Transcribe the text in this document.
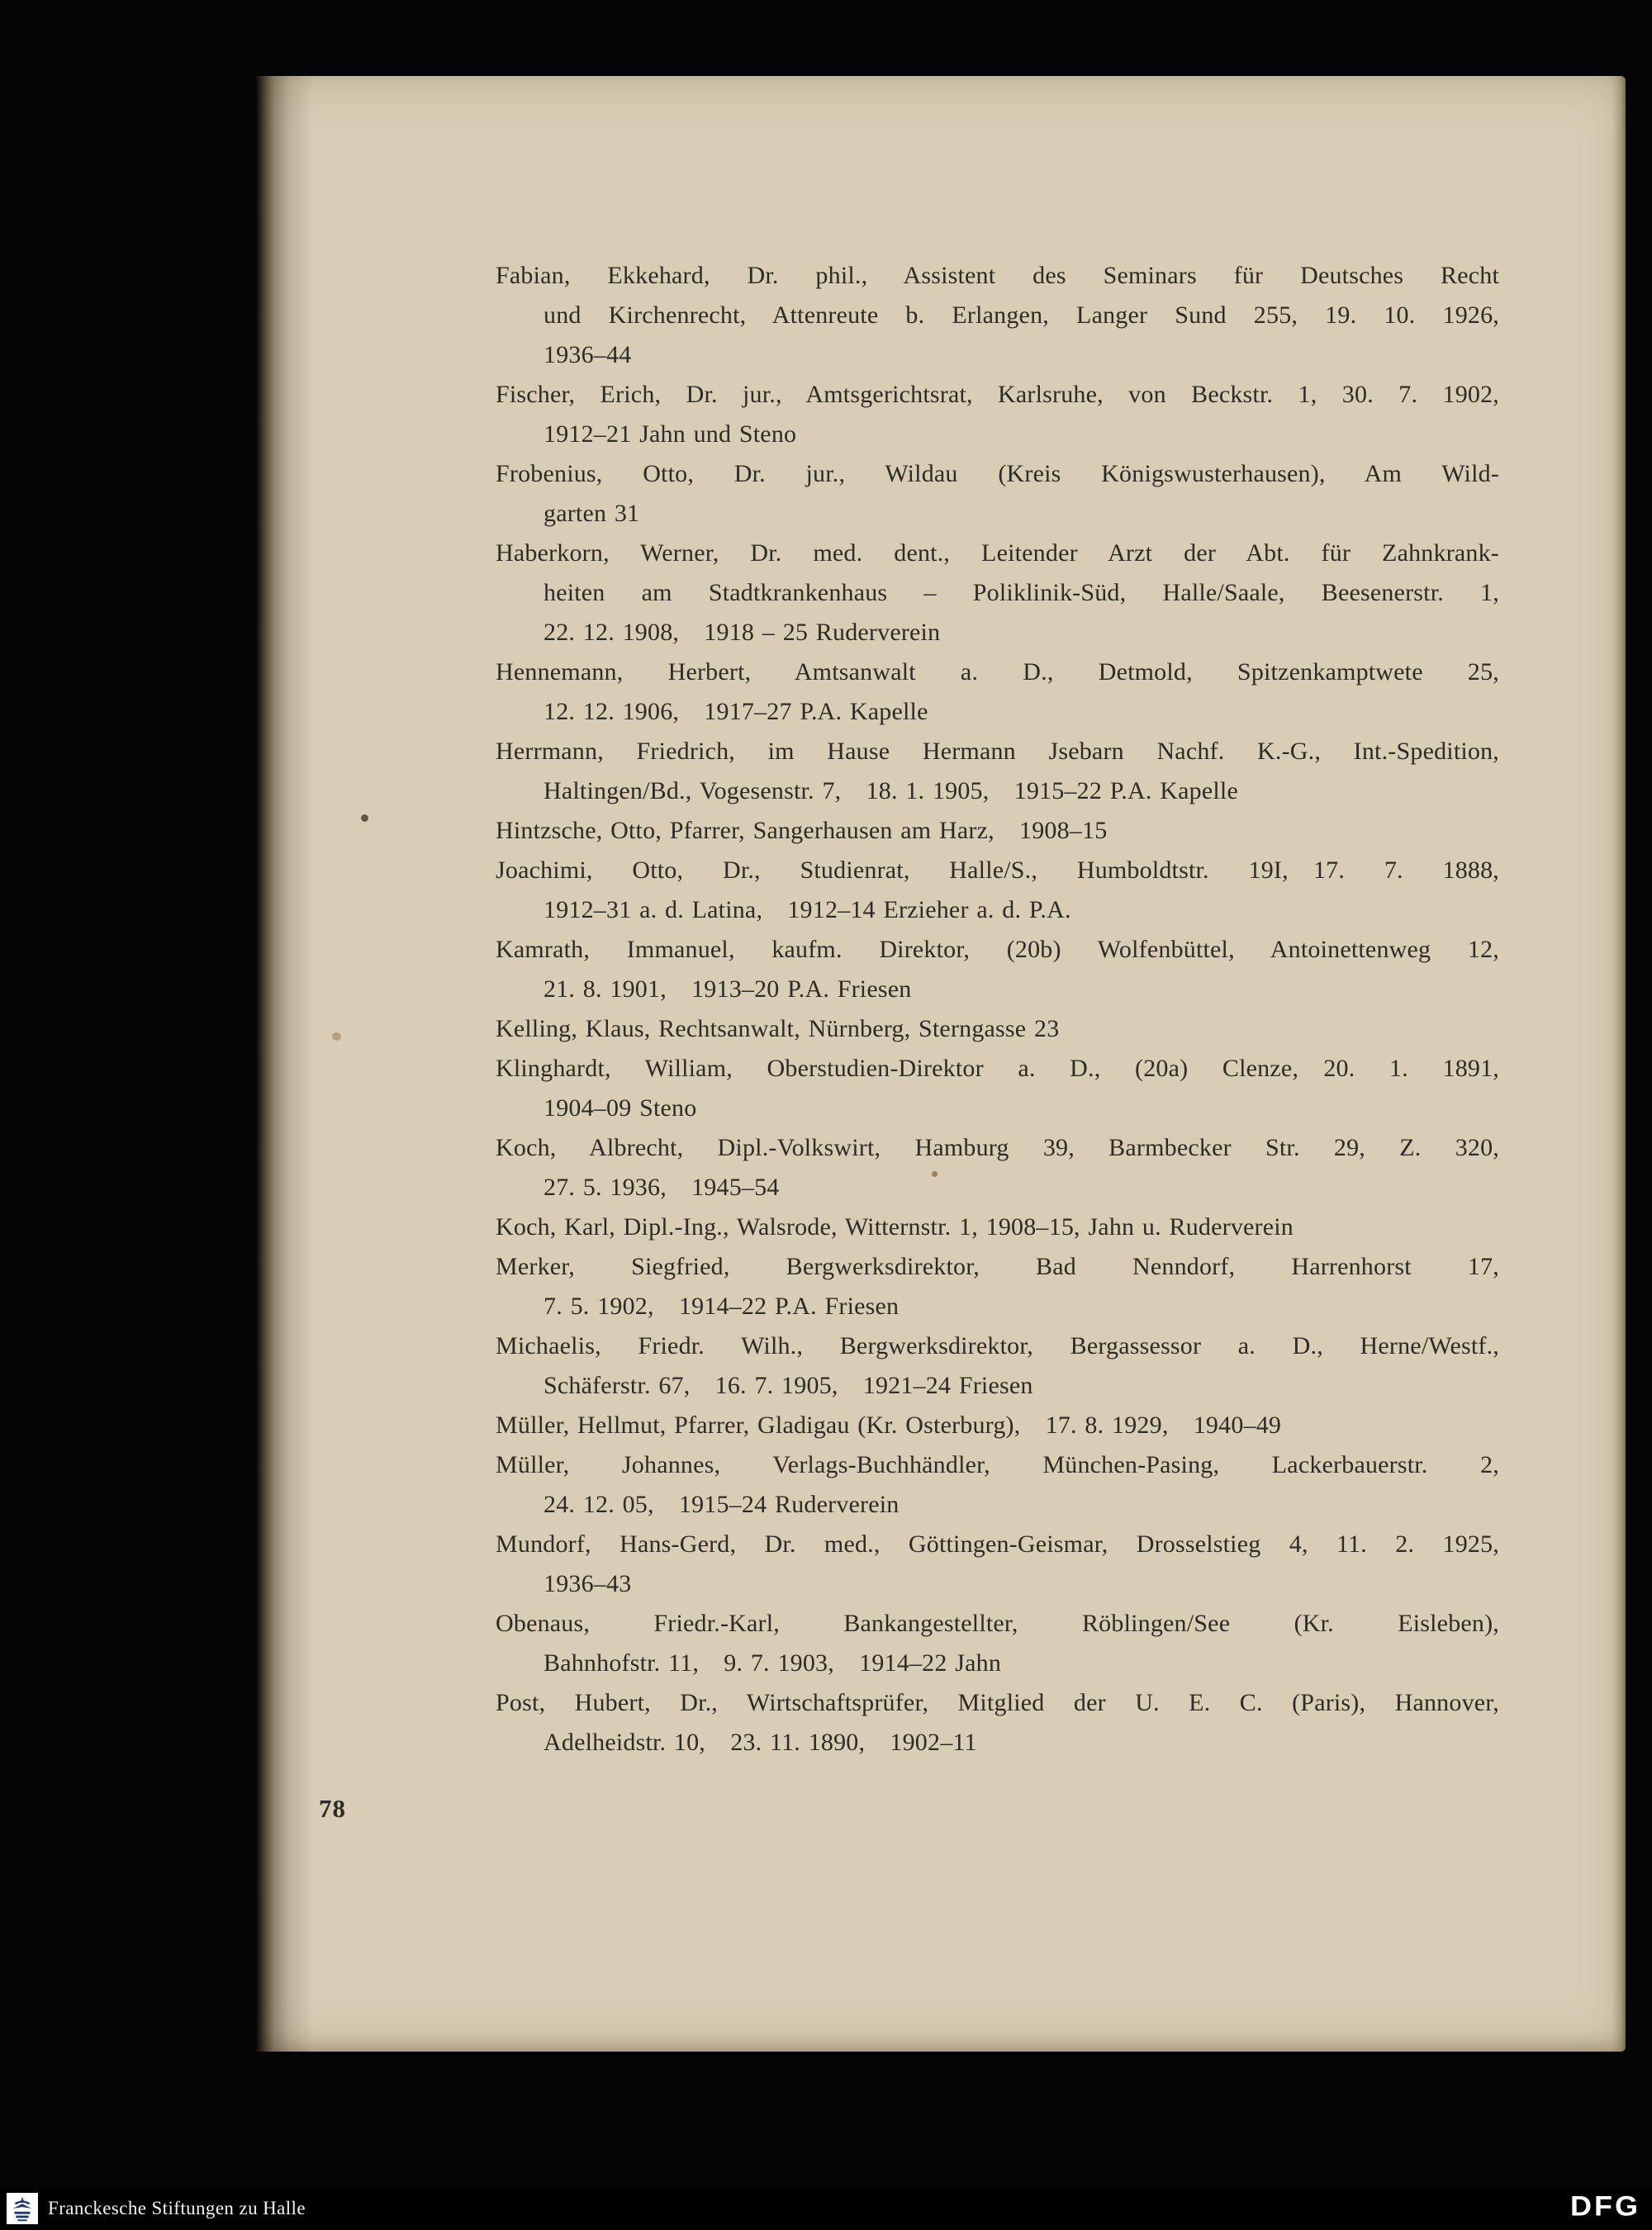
Fabian, Ekkehard, Dr. phil., Assistent des Seminars für Deutsches Recht
und Kirchenrecht, Attenreute b. Erlangen, Langer Sund 255, 19. 10. 1926,
1936–44
Fischer, Erich, Dr. jur., Amtsgerichtsrat, Karlsruhe, von Beckstr. 1, 30. 7. 1902,
1912–21 Jahn und Steno
Frobenius, Otto, Dr. jur., Wildau (Kreis Königswusterhausen), Am Wild-
garten 31
Haberkorn, Werner, Dr. med. dent., Leitender Arzt der Abt. für Zahnkrank-
heiten am Stadtkrankenhaus – Poliklinik-Süd, Halle/Saale, Beesenerstr. 1,
22. 12. 1908, 1918 – 25 Ruderverein
Hennemann, Herbert, Amtsanwalt a. D., Detmold, Spitzenkamptwete 25,
12. 12. 1906, 1917–27 P.A. Kapelle
Herrmann, Friedrich, im Hause Hermann Jsebarn Nachf. K.-G., Int.-Spedition,
Haltingen/Bd., Vogesenstr. 7, 18. 1. 1905, 1915–22 P.A. Kapelle
Hintzsche, Otto, Pfarrer, Sangerhausen am Harz, 1908–15
Joachimi, Otto, Dr., Studienrat, Halle/S., Humboldtstr. 19I, 17. 7. 1888,
1912–31 a. d. Latina, 1912–14 Erzieher a. d. P.A.
Kamrath, Immanuel, kaufm. Direktor, (20b) Wolfenbüttel, Antoinettenweg 12,
21. 8. 1901, 1913–20 P.A. Friesen
Kelling, Klaus, Rechtsanwalt, Nürnberg, Sterngasse 23
Klinghardt, William, Oberstudien-Direktor a. D., (20a) Clenze, 20. 1. 1891,
1904–09 Steno
Koch, Albrecht, Dipl.-Volkswirt, Hamburg 39, Barmbecker Str. 29, Z. 320,
27. 5. 1936, 1945–54
Koch, Karl, Dipl.-Ing., Walsrode, Witternstr. 1, 1908–15, Jahn u. Ruderverein
Merker, Siegfried, Bergwerksdirektor, Bad Nenndorf, Harrenhorst 17,
7. 5. 1902, 1914–22 P.A. Friesen
Michaelis, Friedr. Wilh., Bergwerksdirektor, Bergassessor a. D., Herne/Westf.,
Schäferstr. 67, 16. 7. 1905, 1921–24 Friesen
Müller, Hellmut, Pfarrer, Gladigau (Kr. Osterburg), 17. 8. 1929, 1940–49
Müller, Johannes, Verlags-Buchhändler, München-Pasing, Lackerbauerstr. 2,
24. 12. 05, 1915–24 Ruderverein
Mundorf, Hans-Gerd, Dr. med., Göttingen-Geismar, Drosselstieg 4, 11. 2. 1925,
1936–43
Obenaus, Friedr.-Karl, Bankangestellter, Röblingen/See (Kr. Eisleben),
Bahnhofstr. 11, 9. 7. 1903, 1914–22 Jahn
Post, Hubert, Dr., Wirtschaftsprüfer, Mitglied der U. E. C. (Paris), Hannover,
Adelheidstr. 10, 23. 11. 1890, 1902–11
78
Franckesche Stiftungen zu Halle	DFG
